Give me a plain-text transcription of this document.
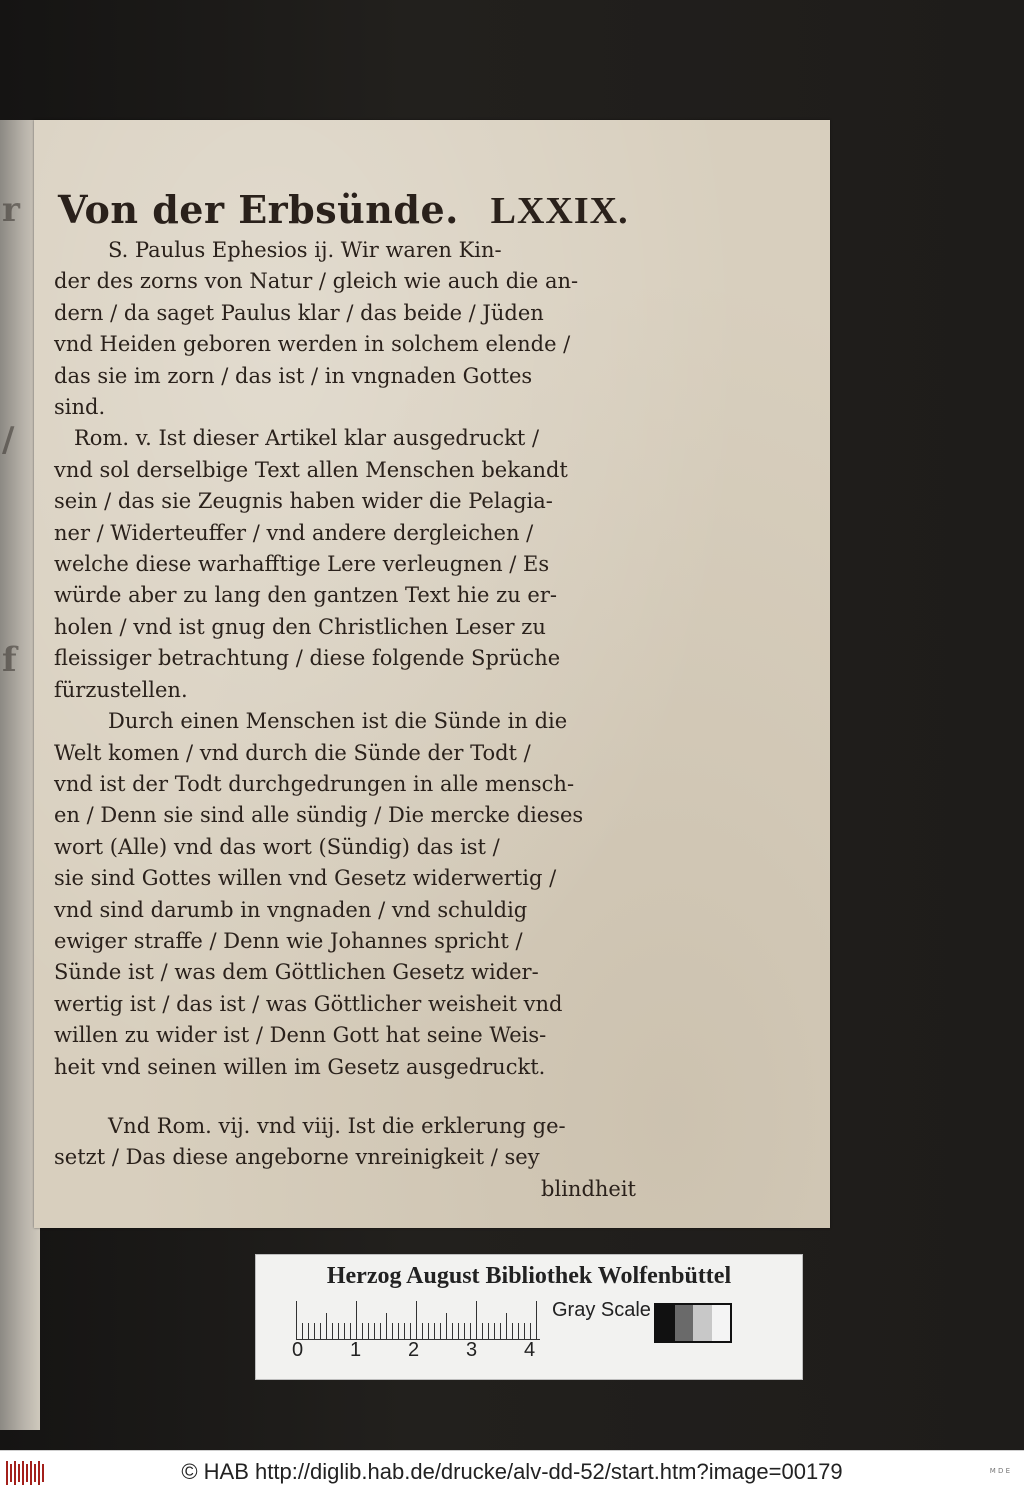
r
/
f
Von der Erbsünde. LXXIX.
S. Paulus Ephesios ij. Wir waren Kin-
der des zorns von Natur / gleich wie auch die an-
dern / da saget Paulus klar / das beide / Jüden
vnd Heiden geboren werden in solchem elende /
das sie im zorn / das ist / in vngnaden Gottes
sind.
Rom. v. Ist dieser Artikel klar ausgedruckt /
vnd sol derselbige Text allen Menschen bekandt
sein / das sie Zeugnis haben wider die Pelagia-
ner / Widerteuffer / vnd andere dergleichen /
welche diese warhafftige Lere verleugnen / Es
würde aber zu lang den gantzen Text hie zu er-
holen / vnd ist gnug den Christlichen Leser zu
fleissiger betrachtung / diese folgende Sprüche
fürzustellen.
Durch einen Menschen ist die Sünde in die
Welt komen / vnd durch die Sünde der Todt /
vnd ist der Todt durchgedrungen in alle mensch-
en / Denn sie sind alle sündig / Die mercke dieses
wort (Alle) vnd das wort (Sündig) das ist /
sie sind Gottes willen vnd Gesetz widerwertig /
vnd sind darumb in vngnaden / vnd schuldig
ewiger straffe / Denn wie Johannes spricht /
Sünde ist / was dem Göttlichen Gesetz wider-
wertig ist / das ist / was Göttlicher weisheit vnd
willen zu wider ist / Denn Gott hat seine Weis-
heit vnd seinen willen im Gesetz ausgedruckt.
Vnd Rom. vij. vnd viij. Ist die erklerung ge-
setzt / Das diese angeborne vnreinigkeit / sey
blindheit
Herzog August Bibliothek Wolfenbüttel
0 1 2 3 4
Gray Scale
© HAB http://diglib.hab.de/drucke/alv-dd-52/start.htm?image=00179	M D E
